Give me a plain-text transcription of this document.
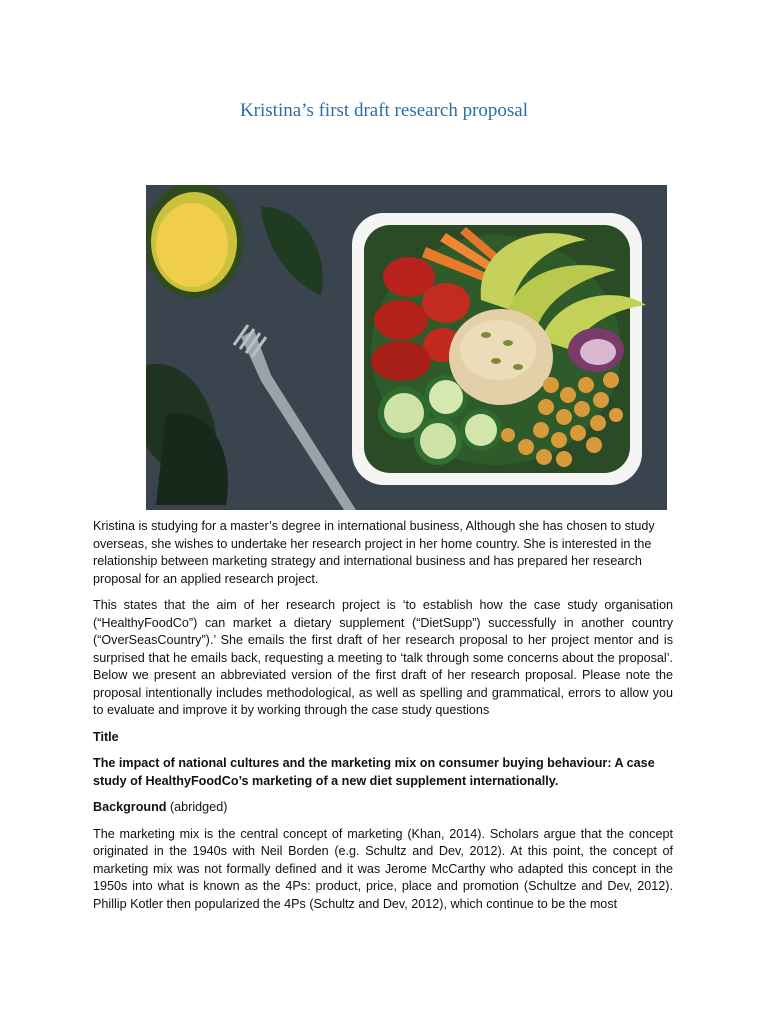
Kristina’s first draft research proposal

Kristina is studying for a master’s degree in international business, Although she has chosen to study overseas, she wishes to undertake her research project in her home country. She is interested in the relationship between marketing strategy and international business and has prepared her research proposal for an applied research project.

This states that the aim of her research project is ‘to establish how the case study organisation (“HealthyFoodCo”) can market a dietary supplement (“DietSupp”) successfully in another country (“OverSeasCountry”).’ She emails the first draft of her research proposal to her project mentor and is surprised that he emails back, requesting a meeting to ‘talk through some concerns about the proposal’. Below we present an abbreviated version of the first draft of her research proposal. Please note the proposal intentionally includes methodological, as well as spelling and grammatical, errors to allow you to evaluate and improve it by working through the case study questions

Title

The impact of national cultures and the marketing mix on consumer buying behaviour: A case study of HealthyFoodCo’s marketing of a new diet supplement internationally.

Background (abridged)

The marketing mix is the central concept of marketing (Khan, 2014). Scholars argue that the concept originated in the 1940s with Neil Borden (e.g. Schultz and Dev, 2012). At this point, the concept of marketing mix was not formally defined and it was Jerome McCarthy who adapted this concept in the 1950s into what is known as the 4Ps: product, price, place and promotion (Schultze and Dev, 2012). Phillip Kotler then popularized the 4Ps (Schultz and Dev, 2012), which continue to be the most
